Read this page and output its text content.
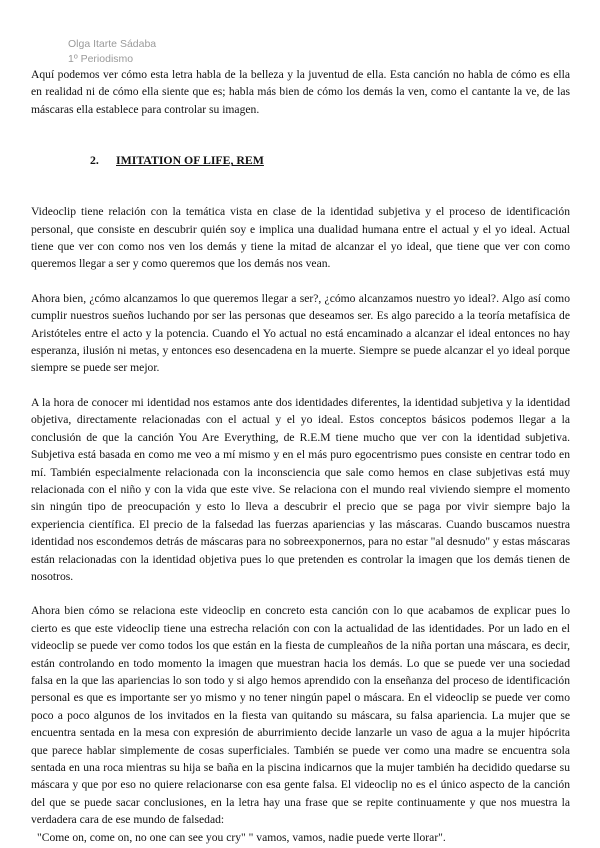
Olga Itarte Sádaba
1º Periodismo

Aquí podemos ver cómo esta letra habla de la belleza y la juventud de ella. Esta canción no habla de cómo es ella en realidad ni de cómo ella siente que es; habla más bien de cómo los demás la ven, como el cantante la ve, de las máscaras ella establece para controlar su imagen.

2. IMITATION OF LIFE, REM

Videoclip tiene relación con la temática vista en clase de la identidad subjetiva y el proceso de identificación personal, que consiste en descubrir quién soy e implica una dualidad humana entre el actual y el yo ideal. Actual tiene que ver con como nos ven los demás y tiene la mitad de alcanzar el yo ideal, que tiene que ver con como queremos llegar a ser y como queremos que los demás nos vean.

Ahora bien, ¿cómo alcanzamos lo que queremos llegar a ser?, ¿cómo alcanzamos nuestro yo ideal?. Algo así como cumplir nuestros sueños luchando por ser las personas que deseamos ser. Es algo parecido a la teoría metafísica de Aristóteles entre el acto y la potencia. Cuando el Yo actual no está encaminado a alcanzar el ideal entonces no hay esperanza, ilusión ni metas, y entonces eso desencadena en la muerte. Siempre se puede alcanzar el yo ideal porque siempre se puede ser mejor.

A la hora de conocer mi identidad nos estamos ante dos identidades diferentes, la identidad subjetiva y la identidad objetiva, directamente relacionadas con el actual y el yo ideal. Estos conceptos básicos podemos llegar a la conclusión de que la canción You Are Everything, de R.E.M tiene mucho que ver con la identidad subjetiva. Subjetiva está basada en como me veo a mí mismo y en el más puro egocentrismo pues consiste en centrar todo en mí. También especialmente relacionada con la inconsciencia que sale como hemos en clase subjetivas está muy relacionada con el niño y con la vida que este vive. Se relaciona con el mundo real viviendo siempre el momento sin ningún tipo de preocupación y esto lo lleva a descubrir el precio que se paga por vivir siempre bajo la experiencia científica. El precio de la falsedad las fuerzas apariencias y las máscaras. Cuando buscamos nuestra identidad nos escondemos detrás de máscaras para no sobreexponernos, para no estar "al desnudo" y estas máscaras están relacionadas con la identidad objetiva pues lo que pretenden es controlar la imagen que los demás tienen de nosotros.

Ahora bien cómo se relaciona este videoclip en concreto esta canción con lo que acabamos de explicar pues lo cierto es que este videoclip tiene una estrecha relación con con la actualidad de las identidades. Por un lado en el videoclip se puede ver como todos los que están en la fiesta de cumpleaños de la niña portan una máscara, es decir, están controlando en todo momento la imagen que muestran hacia los demás. Lo que se puede ver una sociedad falsa en la que las apariencias lo son todo y si algo hemos aprendido con la enseñanza del proceso de identificación personal es que es importante ser yo mismo y no tener ningún papel o máscara. En el videoclip se puede ver como poco a poco algunos de los invitados en la fiesta van quitando su máscara, su falsa apariencia. La mujer que se encuentra sentada en la mesa con expresión de aburrimiento decide lanzarle un vaso de agua a la mujer hipócrita que parece hablar simplemente de cosas superficiales. También se puede ver como una madre se encuentra sola sentada en una roca mientras su hija se baña en la piscina indicarnos que la mujer también ha decidido quedarse su máscara y que por eso no quiere relacionarse con esa gente falsa. El videoclip no es el único aspecto de la canción del que se puede sacar conclusiones, en la letra hay una frase que se repite continuamente y que nos muestra la verdadera cara de ese mundo de falsedad:

"Come on, come on, no one can see you cry" " vamos, vamos, nadie puede verte llorar".
